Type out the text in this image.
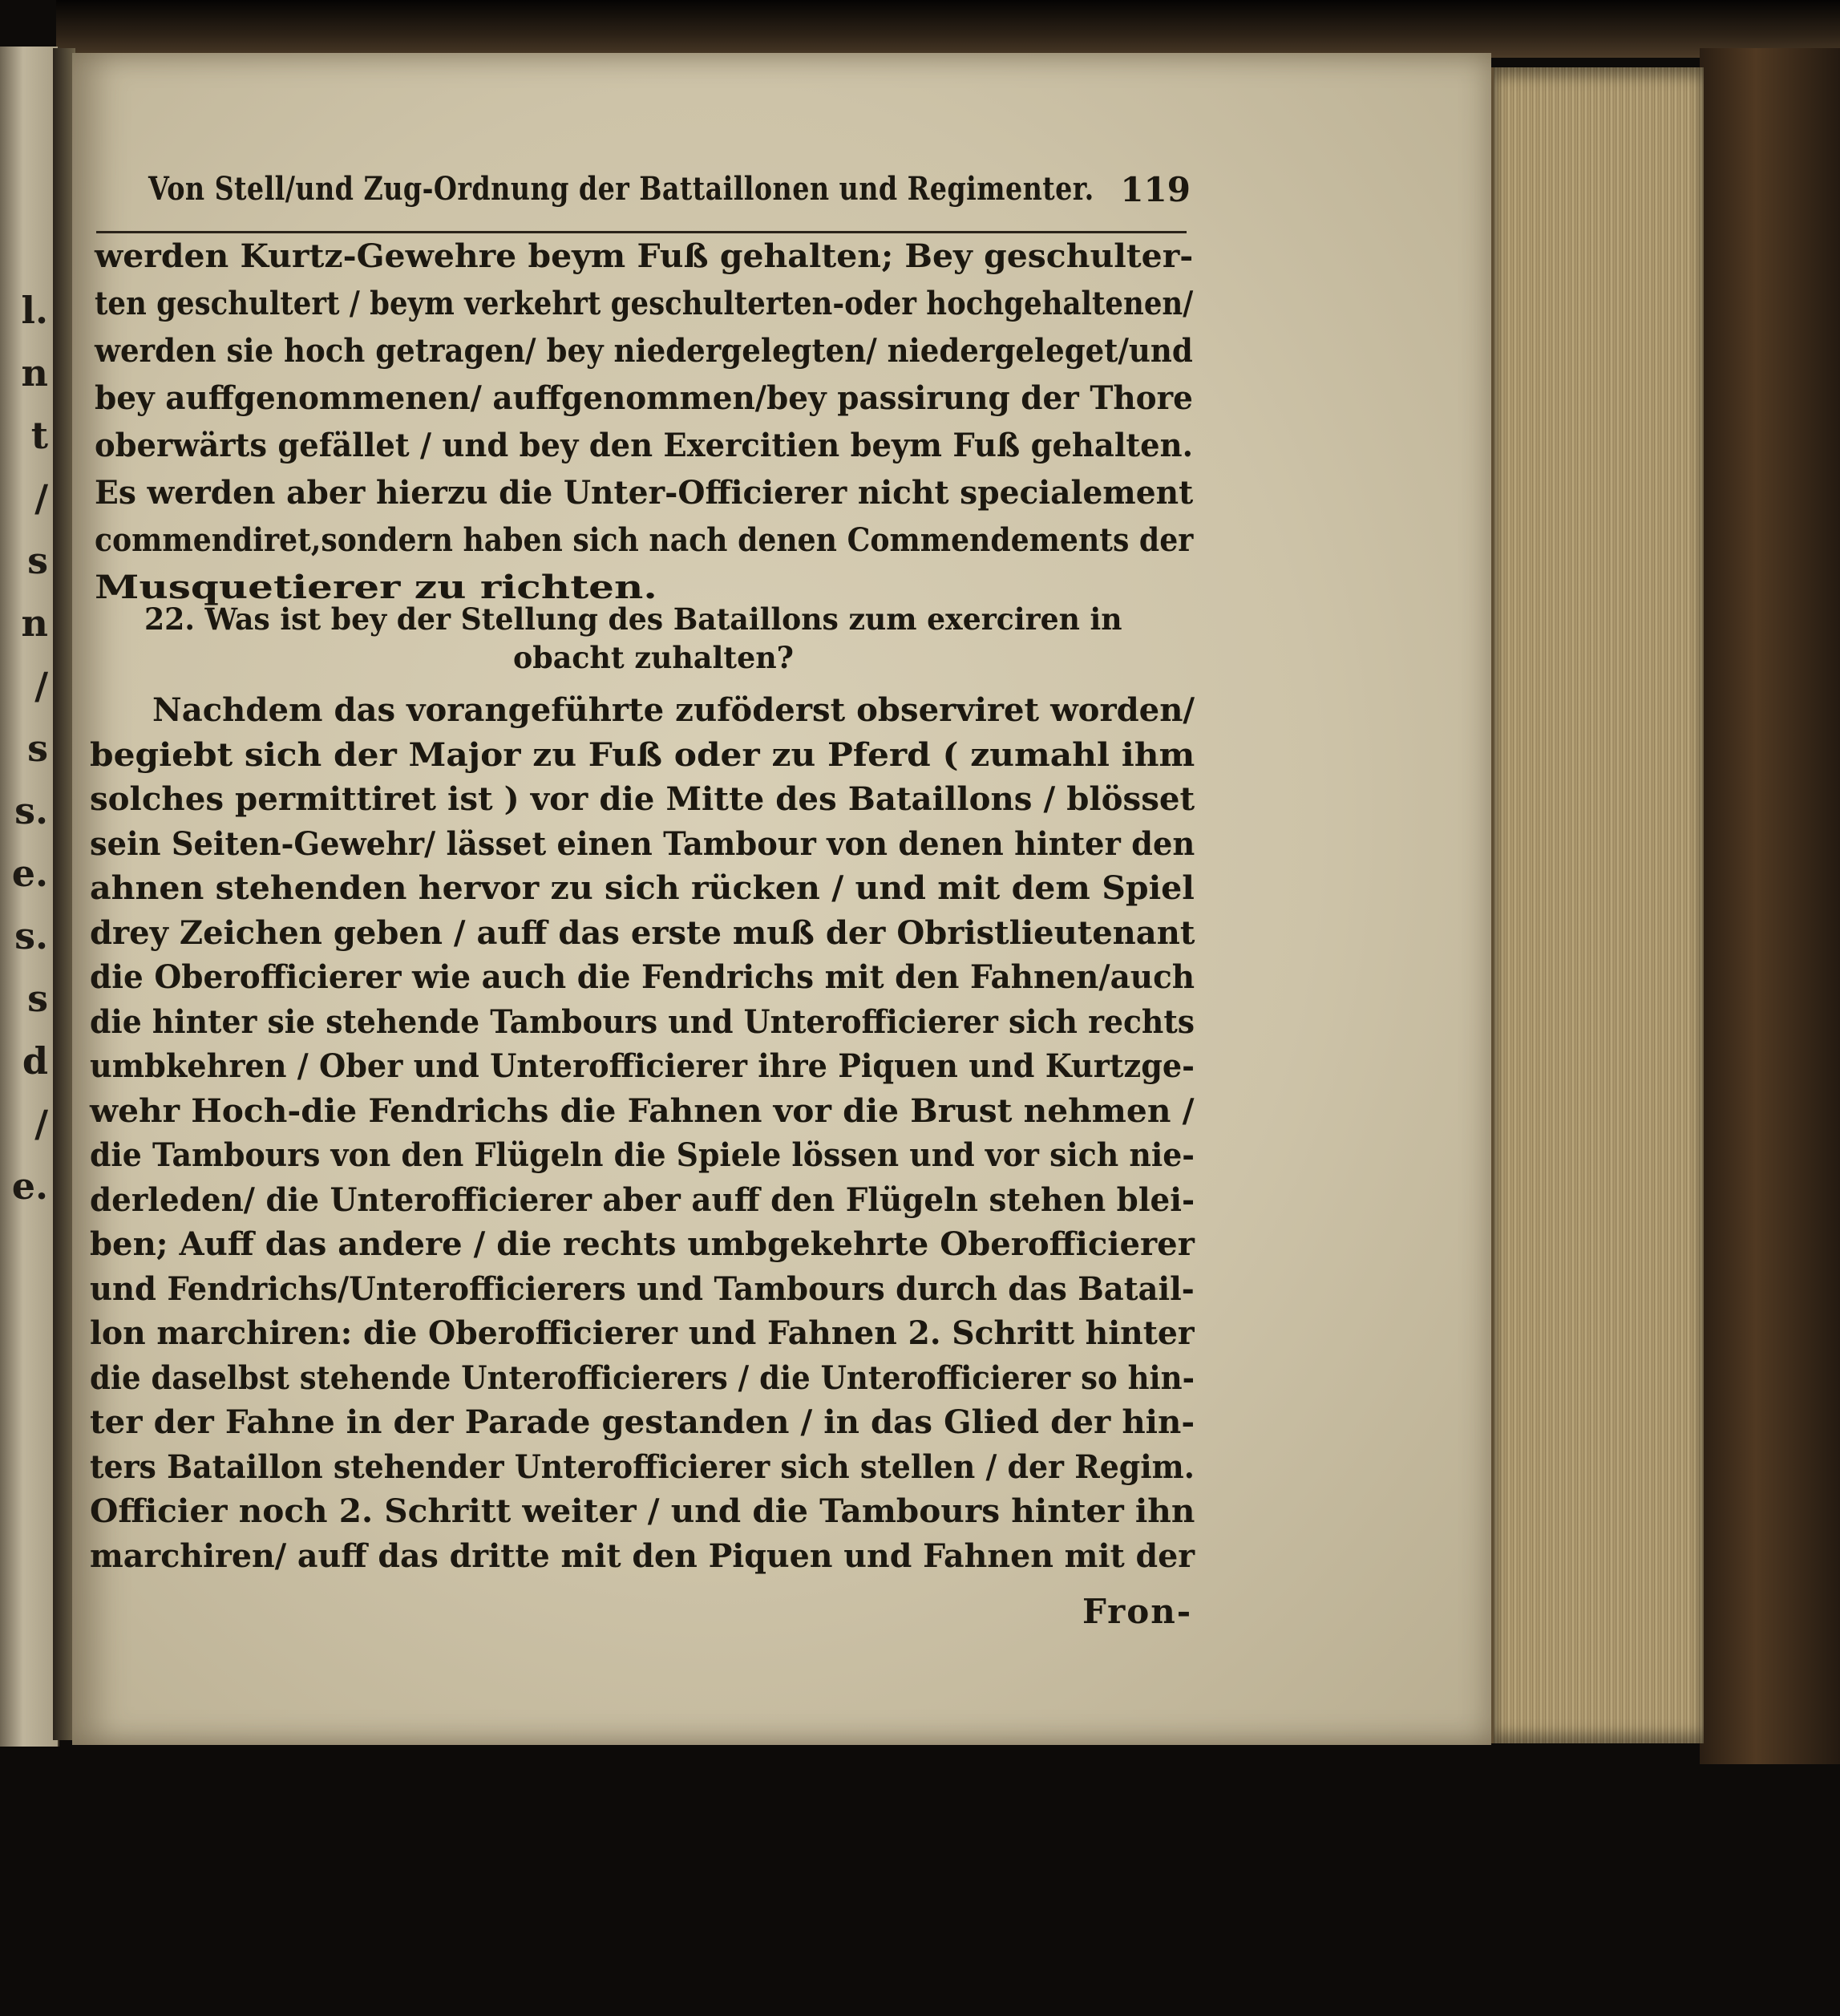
l.
n
t
/
s
n
/
s
s.
e.
s.
s
d
/
e.
Von Stell/und Zug-Ordnung der Battaillonen und Regimenter. 119
werden Kurtz-Gewehre beym Fuß gehalten; Bey geschulter-
ten geschultert / beym verkehrt geschulterten-oder hochgehaltenen/
werden sie hoch getragen/ bey niedergelegten/ niedergeleget/und
bey auffgenommenen/ auffgenommen/bey passirung der Thore
oberwärts gefället / und bey den Exercitien beym Fuß gehalten.
Es werden aber hierzu die Unter-Officierer nicht specialement
commendiret,sondern haben sich nach denen Commendements der
Musquetierer zu richten.
22. Was ist bey der Stellung des Bataillons zum exerciren in
obacht zuhalten?
Nachdem das vorangeführte zuföderst observiret worden/
begiebt sich der Major zu Fuß oder zu Pferd ( zumahl ihm
solches permittiret ist ) vor die Mitte des Bataillons / blösset
sein Seiten-Gewehr/ lässet einen Tambour von denen hinter den
ahnen stehenden hervor zu sich rücken / und mit dem Spiel
drey Zeichen geben / auff das erste muß der Obristlieutenant
die Oberofficierer wie auch die Fendrichs mit den Fahnen/auch
die hinter sie stehende Tambours und Unterofficierer sich rechts
umbkehren / Ober und Unterofficierer ihre Piquen und Kurtzge-
wehr Hoch-die Fendrichs die Fahnen vor die Brust nehmen /
die Tambours von den Flügeln die Spiele lössen und vor sich nie-
derleden/ die Unterofficierer aber auff den Flügeln stehen blei-
ben; Auff das andere / die rechts umbgekehrte Oberofficierer
und Fendrichs/Unterofficierers und Tambours durch das Batail-
lon marchiren: die Oberofficierer und Fahnen 2. Schritt hinter
die daselbst stehende Unterofficierers / die Unterofficierer so hin-
ter der Fahne in der Parade gestanden / in das Glied der hin-
ters Bataillon stehender Unterofficierer sich stellen / der Regim.
Officier noch 2. Schritt weiter / und die Tambours hinter ihn
marchiren/ auff das dritte mit den Piquen und Fahnen mit der
Fron-
